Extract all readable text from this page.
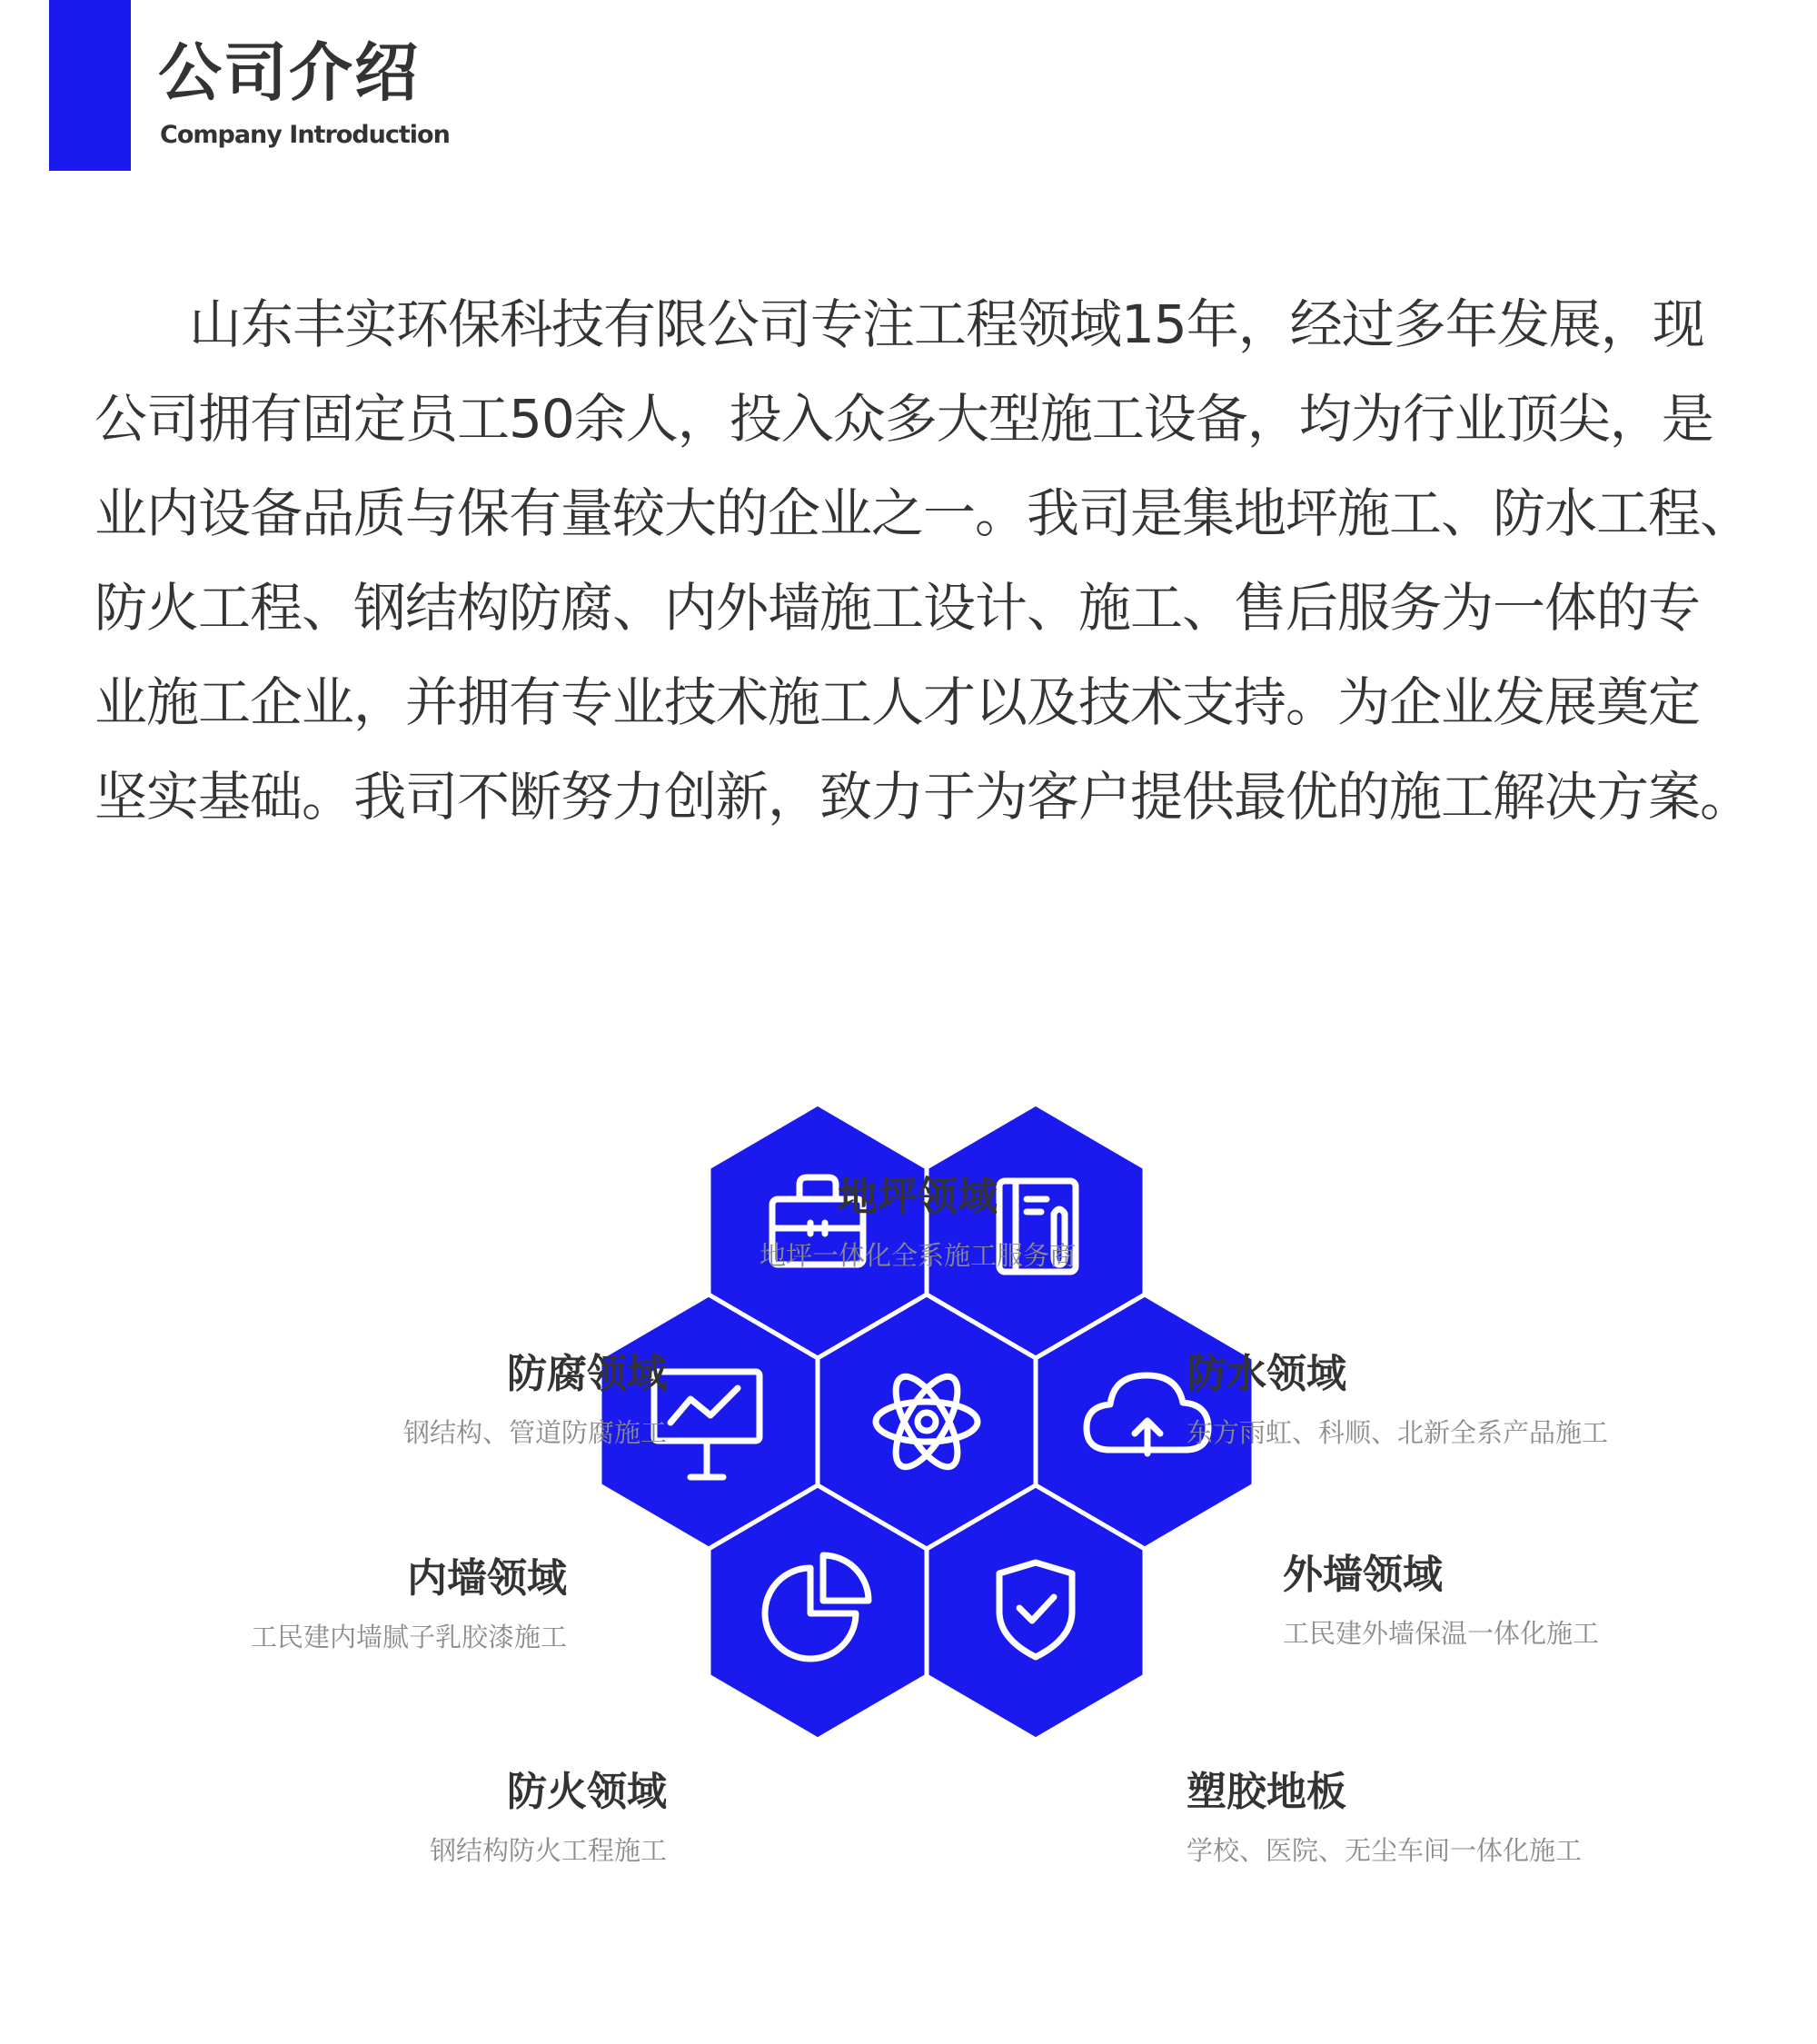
公司介绍
Company Introduction
山东丰实环保科技有限公司专注工程领域15年，经过多年发展，现
公司拥有固定员工50余人，投入众多大型施工设备，均为行业顶尖，是
业内设备品质与保有量较大的企业之一。我司是集地坪施工、防水工程、
防火工程、钢结构防腐、内外墙施工设计、施工、售后服务为一体的专
业施工企业，并拥有专业技术施工人才以及技术支持。为企业发展奠定
坚实基础。我司不断努力创新，致力于为客户提供最优的施工解决方案。
地坪领域
地坪一体化全系施工服务商
防腐领域
钢结构、管道防腐施工
防水领域
东方雨虹、科顺、北新全系产品施工
内墙领域
工民建内墙腻子乳胶漆施工
外墙领域
工民建外墙保温一体化施工
防火领域
钢结构防火工程施工
塑胶地板
学校、医院、无尘车间一体化施工
